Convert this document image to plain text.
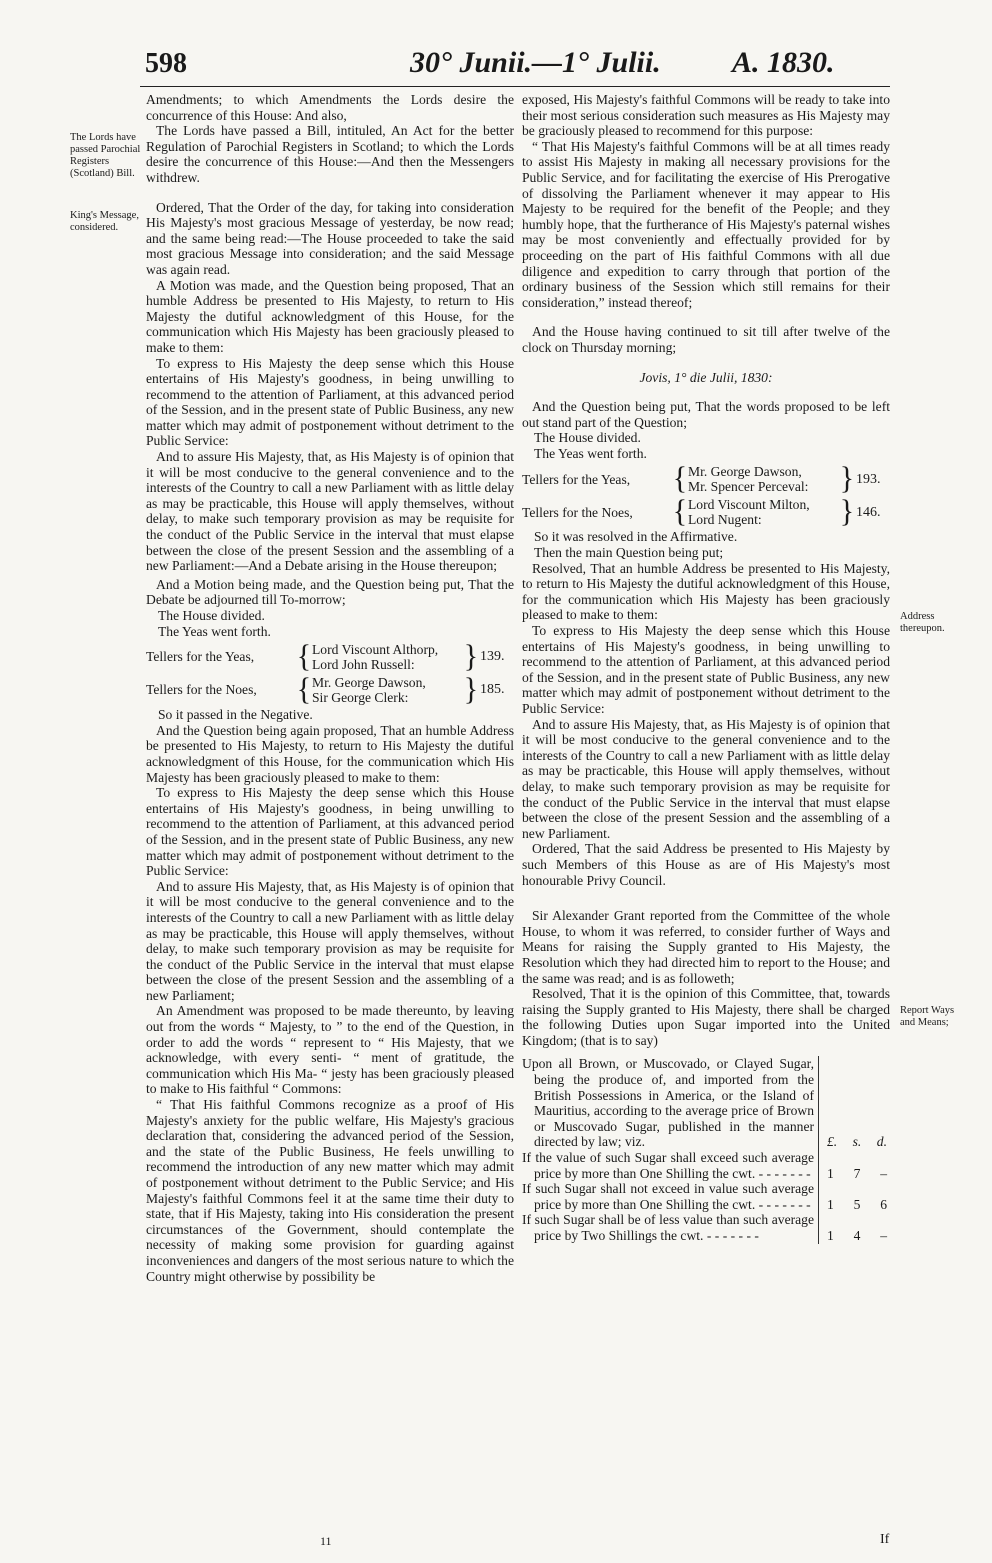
598	30° Junii.—1° Julii. A. 1830.
The Lords have passed Parochial Registers (Scotland) Bill.
King's Message, considered.
Address thereupon.
Report Ways and Means;

Amendments; to which Amendments the Lords desire the concurrence of this House: And also,

The Lords have passed a Bill, intituled, An Act for the better Regulation of Parochial Registers in Scotland; to which the Lords desire the concurrence of this House:—And then the Messengers withdrew.

Ordered, That the Order of the day, for taking into consideration His Majesty's most gracious Message of yesterday, be now read; and the same being read:—The House proceeded to take the said most gracious Message into consideration; and the said Message was again read.

A Motion was made, and the Question being proposed, That an humble Address be presented to His Majesty, to return to His Majesty the dutiful acknowledgment of this House, for the communication which His Majesty has been graciously pleased to make to them:

To express to His Majesty the deep sense which this House entertains of His Majesty's goodness, in being unwilling to recommend to the attention of Parliament, at this advanced period of the Session, and in the present state of Public Business, any new matter which may admit of postponement without detriment to the Public Service:

And to assure His Majesty, that, as His Majesty is of opinion that it will be most conducive to the general convenience and to the interests of the Country to call a new Parliament with as little delay as may be practicable, this House will apply themselves, without delay, to make such temporary provision as may be requisite for the conduct of the Public Service in the interval that must elapse between the close of the present Session and the assembling of a new Parliament:—And a Debate arising in the House thereupon;

And a Motion being made, and the Question being put, That the Debate be adjourned till To-morrow;

The House divided.

The Yeas went forth.

Tellers for the Yeas,	{ Lord Viscount Althorp,
Lord John Russell:	} 139.
Tellers for the Noes,	{ Mr. George Dawson,
Sir George Clerk:	} 185.

So it passed in the Negative.

And the Question being again proposed, That an humble Address be presented to His Majesty, to return to His Majesty the dutiful acknowledgment of this House, for the communication which His Majesty has been graciously pleased to make to them:

To express to His Majesty the deep sense which this House entertains of His Majesty's goodness, in being unwilling to recommend to the attention of Parliament, at this advanced period of the Session, and in the present state of Public Business, any new matter which may admit of postponement without detriment to the Public Service:

And to assure His Majesty, that, as His Majesty is of opinion that it will be most conducive to the general convenience and to the interests of the Country to call a new Parliament with as little delay as may be practicable, this House will apply themselves, without delay, to make such temporary provision as may be requisite for the conduct of the Public Service in the interval that must elapse between the close of the present Session and the assembling of a new Parliament;

An Amendment was proposed to be made thereunto, by leaving out from the words “ Majesty, to ” to the end of the Question, in order to add the words “ represent to “ His Majesty, that we acknowledge, with every senti- “ ment of gratitude, the communication which His Ma- “ jesty has been graciously pleased to make to His faithful “ Commons:

“ That His faithful Commons recognize as a proof of His Majesty's anxiety for the public welfare, His Majesty's gracious declaration that, considering the advanced period of the Session, and the state of the Public Business, He feels unwilling to recommend the introduction of any new matter which may admit of postponement without detriment to the Public Service; and His Majesty's faithful Commons feel it at the same time their duty to state, that if His Majesty, taking into His consideration the present circumstances of the Government, should contemplate the necessity of making some provision for guarding against inconveniences and dangers of the most serious nature to which the Country might otherwise by possibility be

exposed, His Majesty's faithful Commons will be ready to take into their most serious consideration such measures as His Majesty may be graciously pleased to recommend for this purpose:

“ That His Majesty's faithful Commons will be at all times ready to assist His Majesty in making all necessary provisions for the Public Service, and for facilitating the exercise of His Prerogative of dissolving the Parliament whenever it may appear to His Majesty to be required for the benefit of the People; and they humbly hope, that the furtherance of His Majesty's paternal wishes may be most conveniently and effectually provided for by proceeding on the part of His faithful Commons with all due diligence and expedition to carry through that portion of the ordinary business of the Session which still remains for their consideration,” instead thereof;

And the House having continued to sit till after twelve of the clock on Thursday morning;

Jovis, 1° die Julii, 1830:

And the Question being put, That the words proposed to be left out stand part of the Question;

The House divided.

The Yeas went forth.

Tellers for the Yeas,	{ Mr. George Dawson,
Mr. Spencer Perceval:	} 193.
Tellers for the Noes,	{ Lord Viscount Milton,
Lord Nugent:	} 146.

So it was resolved in the Affirmative.

Then the main Question being put;

Resolved, That an humble Address be presented to His Majesty, to return to His Majesty the dutiful acknowledgment of this House, for the communication which His Majesty has been graciously pleased to make to them:

To express to His Majesty the deep sense which this House entertains of His Majesty's goodness, in being unwilling to recommend to the attention of Parliament, at this advanced period of the Session, and in the present state of Public Business, any new matter which may admit of postponement without detriment to the Public Service:

And to assure His Majesty, that, as His Majesty is of opinion that it will be most conducive to the general convenience and to the interests of the Country to call a new Parliament with as little delay as may be practicable, this House will apply themselves, without delay, to make such temporary provision as may be requisite for the conduct of the Public Service in the interval that must elapse between the close of the present Session and the assembling of a new Parliament.

Ordered, That the said Address be presented to His Majesty by such Members of this House as are of His Majesty's most honourable Privy Council.

Sir Alexander Grant reported from the Committee of the whole House, to whom it was referred, to consider further of Ways and Means for raising the Supply granted to His Majesty, the Resolution which they had directed him to report to the House; and the same was read; and is as followeth;

Resolved, That it is the opinion of this Committee, that, towards raising the Supply granted to His Majesty, there shall be charged the following Duties upon Sugar imported into the United Kingdom; (that is to say)

Upon all Brown, or Muscovado, or Clayed Sugar, being the produce of, and imported from the British Possessions in America, or the Island of Mauritius, according to the average price of Brown or Muscovado Sugar, published in the manner directed by law; viz.	£. s. d.

If the value of such Sugar shall exceed such average price by more than One Shilling the cwt. - - - - - - - 1 7 –

If such Sugar shall not exceed in value such average price by more than One Shilling the cwt. - - - - - - - 1 5 6

If such Sugar shall be of less value than such average price by Two Shillings the cwt. - - - - - - -	1 4 –
11	If
